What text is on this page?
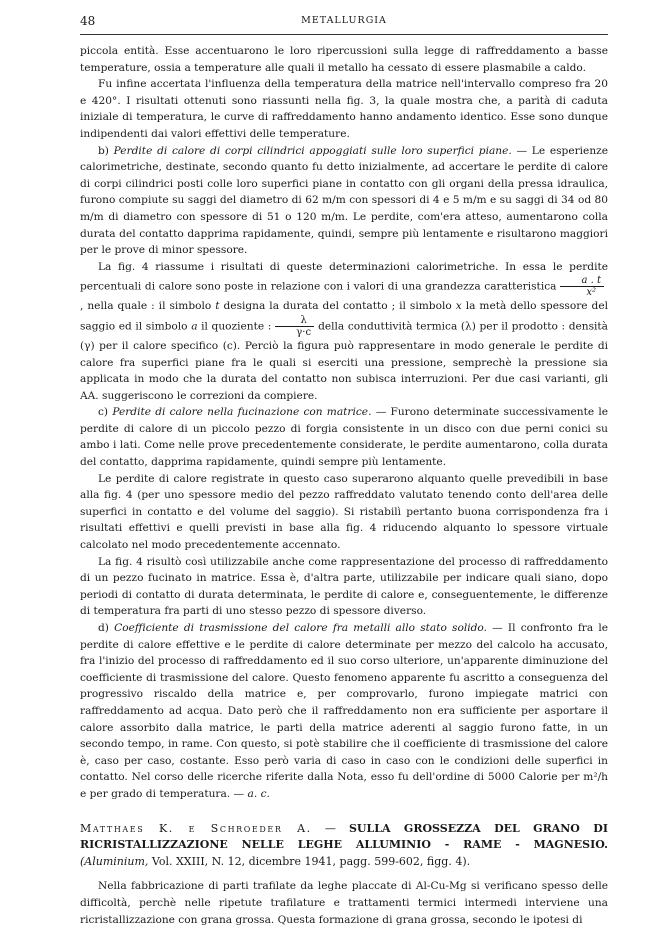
48	METALLURGIA

piccola entità. Esse accentuarono le loro ripercussioni sulla legge di raffreddamento a basse temperature, ossia a temperature alle quali il metallo ha cessato di essere plasmabile a caldo.

Fu infine accertata l'influenza della temperatura della matrice nell'intervallo compreso fra 20 e 420°. I risultati ottenuti sono riassunti nella fig. 3, la quale mostra che, a parità di caduta iniziale di temperatura, le curve di raffreddamento hanno andamento identico. Esse sono dunque indipendenti dai valori effettivi delle temperature.

b) Perdite di calore di corpi cilindrici appoggiati sulle loro superfici piane. — Le esperienze calorimetriche, destinate, secondo quanto fu detto inizialmente, ad accertare le perdite di calore di corpi cilindrici posti colle loro superfici piane in contatto con gli organi della pressa idraulica, furono compiute su saggi del diametro di 62 m/m con spessori di 4 e 5 m/m e su saggi di 34 od 80 m/m di diametro con spessore di 51 o 120 m/m. Le perdite, com'era atteso, aumentarono colla durata del contatto dapprima rapidamente, quindi, sempre più lentamente e risultarono maggiori per le prove di minor spessore.

La fig. 4 riassume i risultati di queste determinazioni calorimetriche. In essa le perdite percentuali di calore sono poste in relazione con i valori di una grandezza caratteristica $\frac{a . t}{\text{x²}}$
, nella quale : il simbolo t designa la durata del contatto ; il simbolo x la metà dello spessore del saggio ed il simbolo a il quoziente : $\frac{\lambda}{\gamma\cdot c}$ della conduttività termica (λ) per il prodotto : densità (γ) per il calore specifico (c). Perciò la figura può rappresentare in modo generale le perdite di calore fra superfici piane fra le quali si eserciti una pressione, semprechè la pressione sia applicata in modo che la durata del contatto non subisca interruzioni. Per due casi varianti, gli AA. suggeriscono le correzioni da compiere.

c) Perdite di calore nella fucinazione con matrice. — Furono determinate successivamente le perdite di calore di un piccolo pezzo di forgia consistente in un disco con due perni conici su ambo i lati. Come nelle prove precedentemente considerate, le perdite aumentarono, colla durata del contatto, dapprima rapidamente, quindi sempre più lentamente.

Le perdite di calore registrate in questo caso superarono alquanto quelle prevedibili in base alla fig. 4 (per uno spessore medio del pezzo raffreddato valutato tenendo conto dell'area delle superfici in contatto e del volume del saggio). Si ristabilì pertanto buona corrispondenza fra i risultati effettivi e quelli previsti in base alla fig. 4 riducendo alquanto lo spessore virtuale calcolato nel modo precedentemente accennato.

La fig. 4 risultò così utilizzabile anche come rappresentazione del processo di raffreddamento di un pezzo fucinato in matrice. Essa è, d'altra parte, utilizzabile per indicare quali siano, dopo periodi di contatto di durata determinata, le perdite di calore e, conseguentemente, le differenze di temperatura fra parti di uno stesso pezzo di spessore diverso.

d) Coefficiente di trasmissione del calore fra metalli allo stato solido. — Il confronto fra le perdite di calore effettive e le perdite di calore determinate per mezzo del calcolo ha accusato, fra l'inizio del processo di raffreddamento ed il suo corso ulteriore, un'apparente diminuzione del coefficiente di trasmissione del calore. Questo fenomeno apparente fu ascritto a conseguenza del progressivo riscaldo della matrice e, per comprovarlo, furono impiegate matrici con raffreddamento ad acqua. Dato però che il raffreddamento non era sufficiente per asportare il calore assorbito dalla matrice, le parti della matrice aderenti al saggio furono fatte, in un secondo tempo, in rame. Con questo, si potè stabilire che il coefficiente di trasmissione del calore è, caso per caso, costante. Esso però varia di caso in caso con le condizioni delle superfici in contatto. Nel corso delle ricerche riferite dalla Nota, esso fu dell'ordine di 5000 Calorie per m²/h e per grado di temperatura. — a. c.

Matthaes K. e Schroeder A. — SULLA GROSSEZZA DEL GRANO DI RICRISTALLIZZAZIONE NELLE LEGHE ALLUMINIO - RAME - MAGNESIO. (Aluminium, Vol. XXIII, N. 12, dicembre 1941, pagg. 599-602, figg. 4).

Nella fabbricazione di parti trafilate da leghe placcate di Al-Cu-Mg si verificano spesso delle difficoltà, perchè nelle ripetute trafilature e trattamenti termici intermedi interviene una ricristallizzazione con grana grossa. Questa formazione di grana grossa, secondo le ipotesi di
